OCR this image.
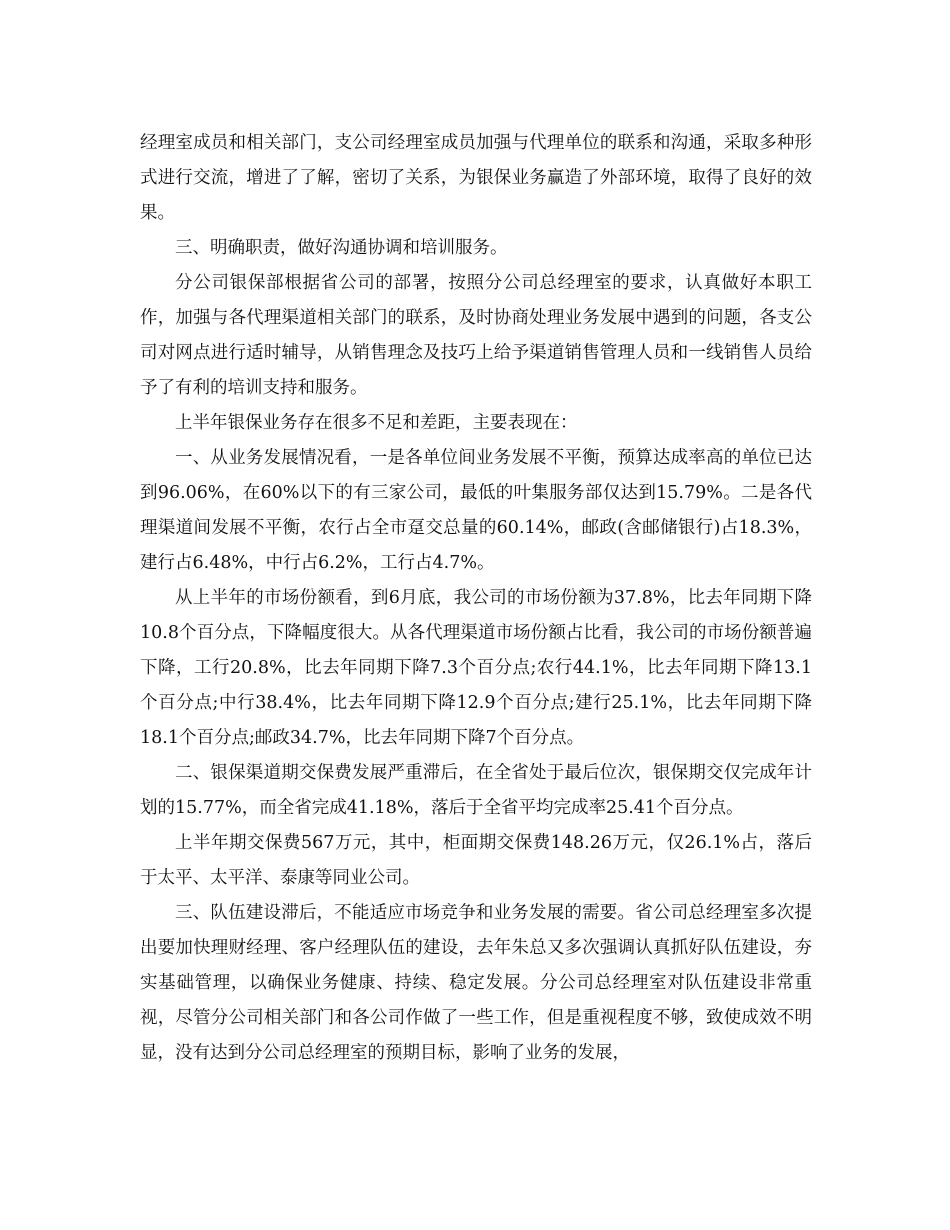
经理室成员和相关部门，支公司经理室成员加强与代理单位的联系和沟通，采取多种形式进行交流，增进了了解，密切了关系，为银保业务赢造了外部环境，取得了良好的效果。

三、明确职责，做好沟通协调和培训服务。

分公司银保部根据省公司的部署，按照分公司总经理室的要求，认真做好本职工作，加强与各代理渠道相关部门的联系，及时协商处理业务发展中遇到的问题，各支公司对网点进行适时辅导，从销售理念及技巧上给予渠道销售管理人员和一线销售人员给予了有利的培训支持和服务。

上半年银保业务存在很多不足和差距，主要表现在：

一、从业务发展情况看，一是各单位间业务发展不平衡，预算达成率高的单位已达到96.06%，在60%以下的有三家公司，最低的叶集服务部仅达到15.79%。二是各代理渠道间发展不平衡，农行占全市趸交总量的60.14%，邮政(含邮储银行)占18.3%，建行占6.48%，中行占6.2%，工行占4.7%。

从上半年的市场份额看，到6月底，我公司的市场份额为37.8%，比去年同期下降10.8个百分点，下降幅度很大。从各代理渠道市场份额占比看，我公司的市场份额普遍下降，工行20.8%，比去年同期下降7.3个百分点;农行44.1%，比去年同期下降13.1个百分点;中行38.4%，比去年同期下降12.9个百分点;建行25.1%，比去年同期下降18.1个百分点;邮政34.7%，比去年同期下降7个百分点。

二、银保渠道期交保费发展严重滞后，在全省处于最后位次，银保期交仅完成年计划的15.77%，而全省完成41.18%，落后于全省平均完成率25.41个百分点。

上半年期交保费567万元，其中，柜面期交保费148.26万元，仅26.1%占，落后于太平、太平洋、泰康等同业公司。

三、队伍建设滞后，不能适应市场竞争和业务发展的需要。省公司总经理室多次提出要加快理财经理、客户经理队伍的建设，去年朱总又多次强调认真抓好队伍建设，夯实基础管理，以确保业务健康、持续、稳定发展。分公司总经理室对队伍建设非常重视，尽管分公司相关部门和各公司作做了一些工作，但是重视程度不够，致使成效不明显，没有达到分公司总经理室的预期目标，影响了业务的发展，
